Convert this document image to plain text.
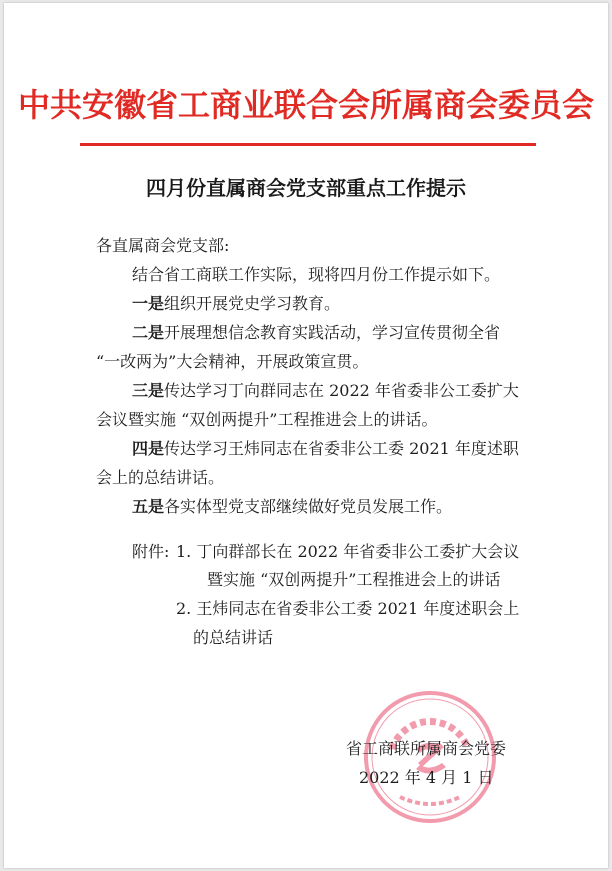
中共安徽省工商业联合会所属商会委员会
四月份直属商会党支部重点工作提示
各直属商会党支部:
结合省工商联工作实际，现将四月份工作提示如下。
一是组织开展党史学习教育。
二是开展理想信念教育实践活动，学习宣传贯彻全省
“一改两为”大会精神，开展政策宣贯。
三是传达学习丁向群同志在 2022 年省委非公工委扩大
会议暨实施 “双创两提升”工程推进会上的讲话。
四是传达学习王炜同志在省委非公工委 2021 年度述职
会上的总结讲话。
五是各实体型党支部继续做好党员发展工作。
附件: 1. 丁向群部长在 2022 年省委非公工委扩大会议
暨实施 “双创两提升”工程推进会上的讲话
2. 王炜同志在省委非公工委 2021 年度述职会上
的总结讲话
省工商联所属商会党委
2022 年 4 月 1 日
